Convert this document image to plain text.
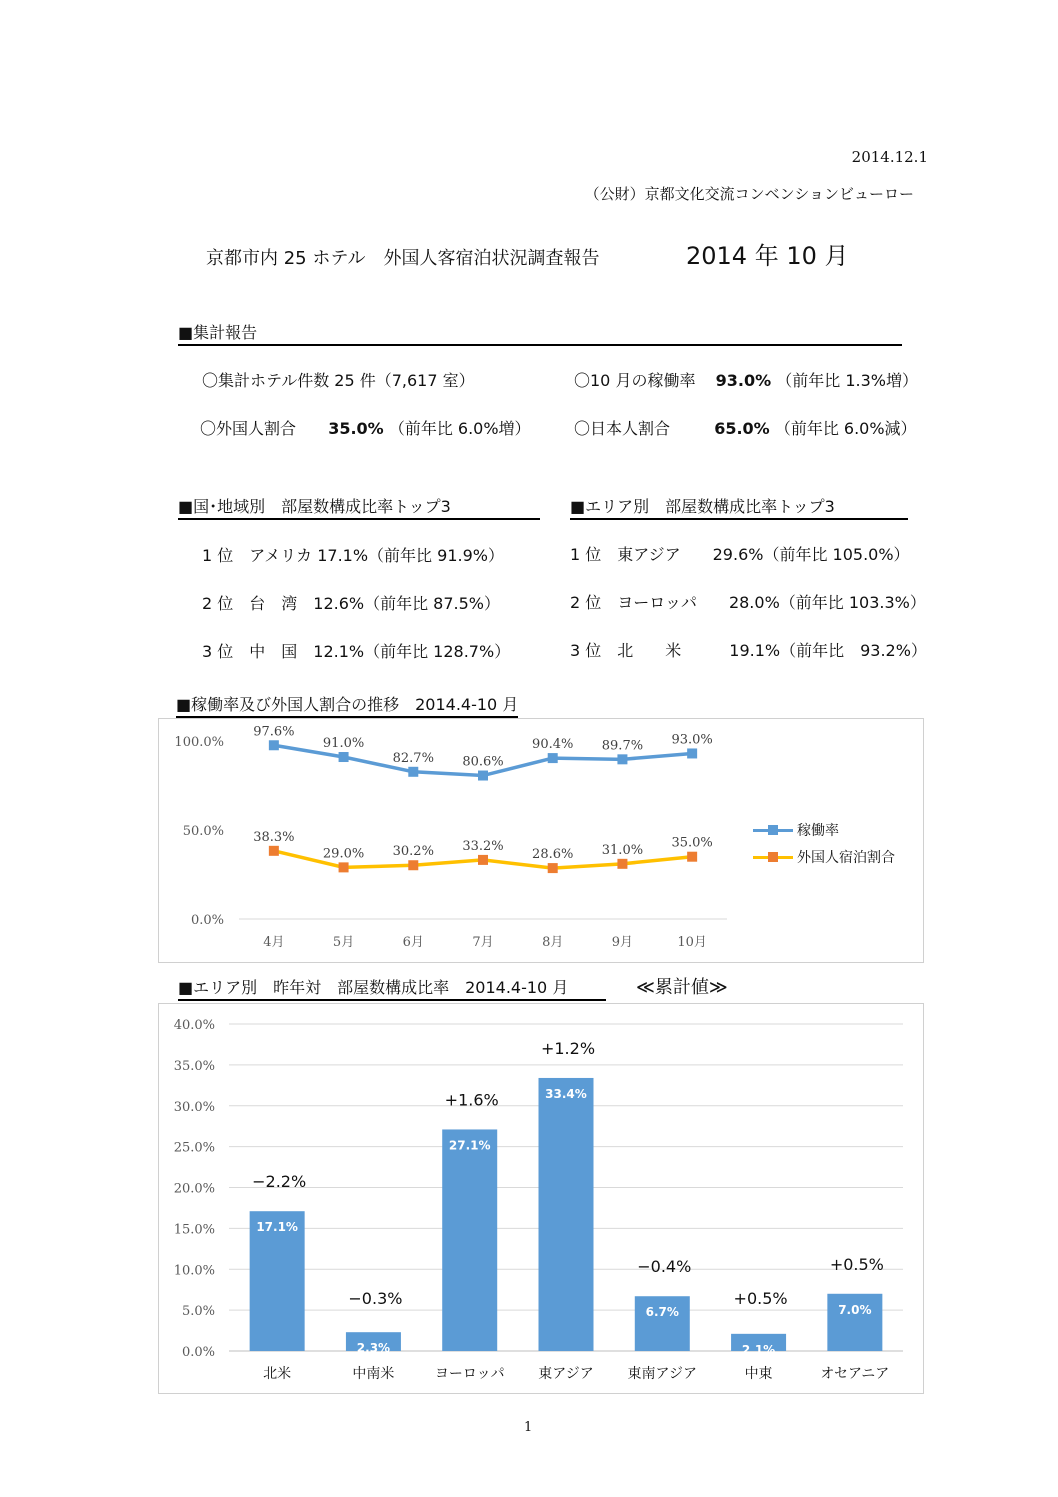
2014.12.1
（公財）京都文化交流コンベンションビューロー
京都市内 25 ホテル　外国人客宿泊状況調査報告	2014 年 10 月
■集計報告
〇集計ホテル件数 25 件（7,617 室）	〇10 月の稼働率 93.0% （前年比 1.3%増）
〇外国人割合 35.0% （前年比 6.0%増）	〇日本人割合	65.0% （前年比 6.0%減）
■国･地域別　部屋数構成比率トップ3	■エリア別　部屋数構成比率トップ3
1 位　アメリカ 17.1%（前年比 91.9%）
2 位　台　湾　12.6%（前年比 87.5%）
3 位　中　国　12.1%（前年比 128.7%）
1 位　東アジア　　29.6%（前年比 105.0%）
2 位　ヨーロッパ　　28.0%（前年比 103.3%）
3 位　北　　米　　　19.1%（前年比　93.2%）
■稼働率及び外国人割合の推移　2014.4-10 月
0.0%
50.0%
100.0%
4月	5月	6月	7月	8月	9月	10月
97.6%
91.0%
82.7% 80.6%
90.4% 89.7% 93.0%
38.3%
29.0% 30.2% 33.2%
28.6% 31.0% 35.0%
稼働率
外国人宿泊割合
■エリア別　昨年対　部屋数構成比率　2014.4-10 月	≪累計値≫
0.0%
5.0%
10.0%
15.0%
20.0%
25.0%
30.0%
35.0%
40.0%
17.1%
北米
−2.2%
2.3%
中南米
−0.3%
27.1%
ヨーロッパ
+1.6%	33.4%
東アジア
+1.2%
6.7%
東南アジア
−0.4%
2.1%
中東
+0.5%
7.0%
オセアニア
+0.5%
1
